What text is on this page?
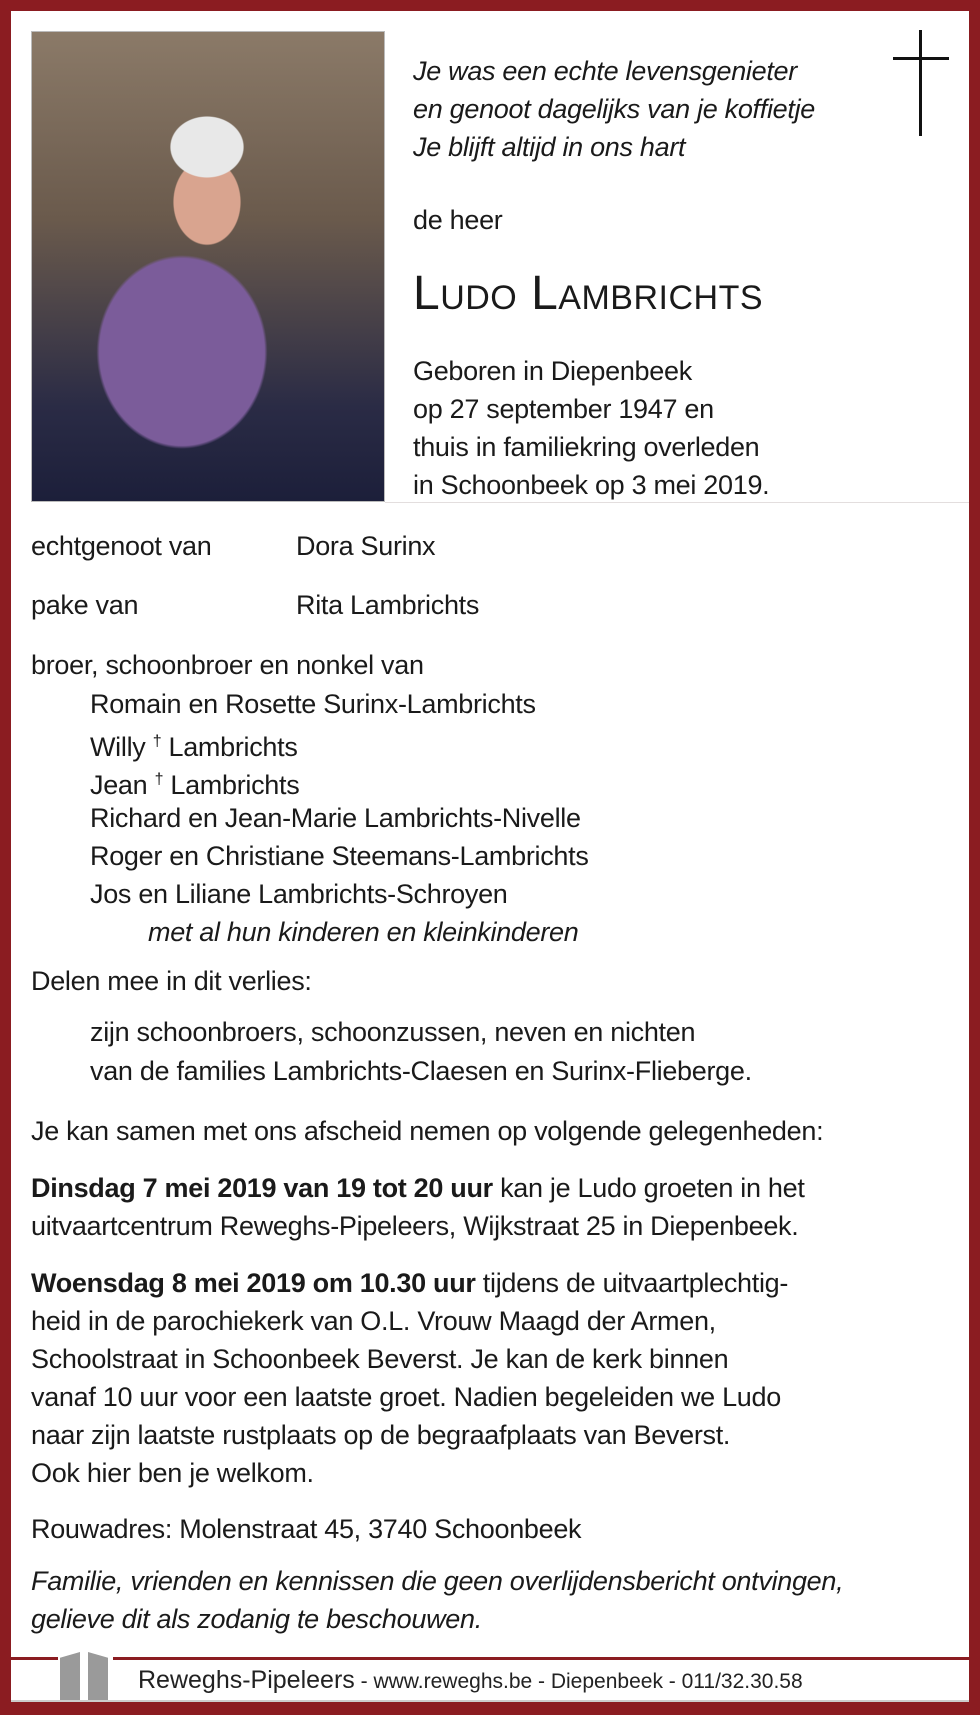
Je was een echte levensgenieter
en genoot dagelijks van je koffietje
Je blijft altijd in ons hart
de heer
Ludo Lambrichts
Geboren in Diepenbeek
op 27 september 1947 en
thuis in familiekring overleden
in Schoonbeek op 3 mei 2019.
echtgenoot van	Dora Surinx
pake van	Rita Lambrichts
broer, schoonbroer en nonkel van
Romain en Rosette Surinx-Lambrichts
Willy † Lambrichts
Jean † Lambrichts
Richard en Jean-Marie Lambrichts-Nivelle
Roger en Christiane Steemans-Lambrichts
Jos en Liliane Lambrichts-Schroyen
met al hun kinderen en kleinkinderen
Delen mee in dit verlies:
zijn schoonbroers, schoonzussen, neven en nichten
van de families Lambrichts-Claesen en Surinx-Flieberge.
Je kan samen met ons afscheid nemen op volgende gelegenheden:
Dinsdag 7 mei 2019 van 19 tot 20 uur kan je Ludo groeten in het
uitvaartcentrum Reweghs-Pipeleers, Wijkstraat 25 in Diepenbeek.
Woensdag 8 mei 2019 om 10.30 uur tijdens de uitvaartplechtig-
heid in de parochiekerk van O.L. Vrouw Maagd der Armen,
Schoolstraat in Schoonbeek Beverst. Je kan de kerk binnen
vanaf 10 uur voor een laatste groet. Nadien begeleiden we Ludo
naar zijn laatste rustplaats op de begraafplaats van Beverst.
Ook hier ben je welkom.
Rouwadres: Molenstraat 45, 3740 Schoonbeek
Familie, vrienden en kennissen die geen overlijdensbericht ontvingen,
gelieve dit als zodanig te beschouwen.
Reweghs-Pipeleers - www.reweghs.be - Diepenbeek - 011/32.30.58
